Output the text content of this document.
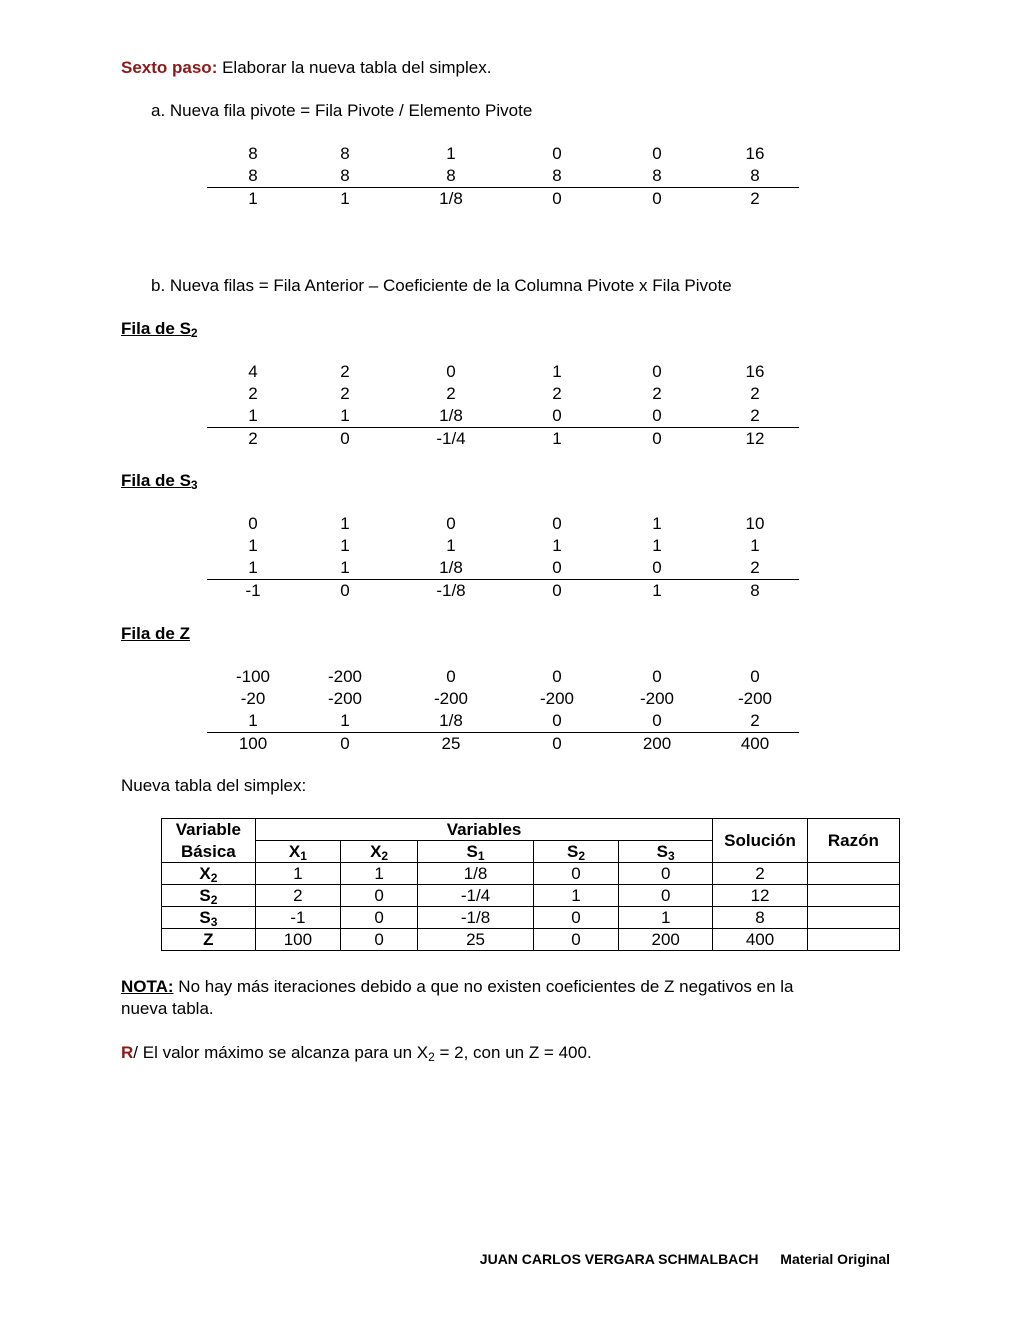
Sexto paso: Elaborar la nueva tabla del simplex.
a. Nueva fila pivote = Fila Pivote / Elemento Pivote
8	8	1	0	0	16
8	8	8	8	8	8
1	1	1/8	0	0	2
b. Nueva filas = Fila Anterior – Coeficiente de la Columna Pivote x Fila Pivote
Fila de $S_2$
4	2	0	1	0	16
2	2	2	2	2	2
1	1	1/8	0	0	2
2	0	-1/4	1	0	12
Fila de $S_3$
0	1	0	0	1	10
1	1	1	1	1	1
1	1	1/8	0	0	2
-1	0	-1/8	0	1	8
Fila de Z
-100	-200	0	0	0	0
-20	-200	-200	-200	-200	-200
1	1	1/8	0	0	2
100	0	25	0	200	400
Nueva tabla del simplex:
Variable	Variables					Solución	Razón
Básica	$X_1$	$X_2$	$S_1$	$S_2$	$S_3$
$X_2$	1	1	1/8	0	0	2	
$S_2$	2	0	-1/4	1	0	12	
$S_3$	-1	0	-1/8	0	1	8	
Z	100	0	25	0	200	400	
NOTA: No hay más iteraciones debido a que no existen coeficientes de Z negativos en la
nueva tabla.
R/ El valor máximo se alcanza para un $X_2 = 2$, con un Z = 400.
JUAN CARLOS VERGARA SCHMALBACH Material Original
